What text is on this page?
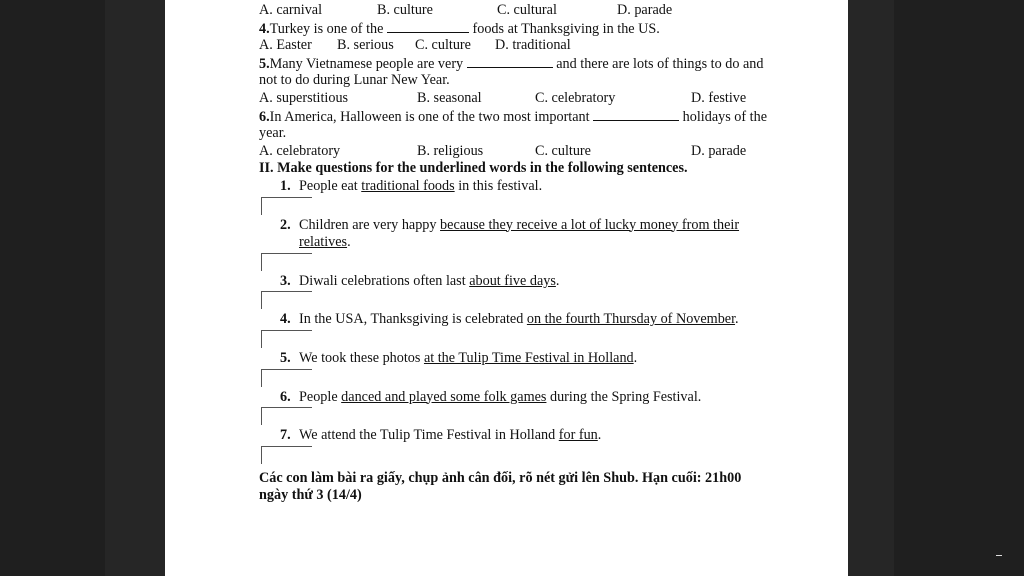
A. carnival	B. culture	C. cultural	D. parade
4.Turkey is one of the	foods at Thanksgiving in the US.
A. Easter B. serious C. culture D. traditional
5.Many Vietnamese people are very	and there are lots of things to do and
not to do during Lunar New Year.
A. superstitious	B. seasonal	C. celebratory	D. festive
6.In America, Halloween is one of the two most important	holidays of the
year.
A. celebratory	B. religious	C. culture	D. parade
II. Make questions for the underlined words in the following sentences.
1. People eat traditional foods in this festival.
2. Children are very happy because they receive a lot of lucky money from their
relatives.
3. Diwali celebrations often last about five days.
4. In the USA, Thanksgiving is celebrated on the fourth Thursday of November.
5. We took these photos at the Tulip Time Festival in Holland.
6. People danced and played some folk games during the Spring Festival.
7. We attend the Tulip Time Festival in Holland for fun.
Các con làm bài ra giấy, chụp ảnh cân đối, rõ nét gửi lên Shub. Hạn cuối: 21h00
ngày thứ 3 (14/4)
